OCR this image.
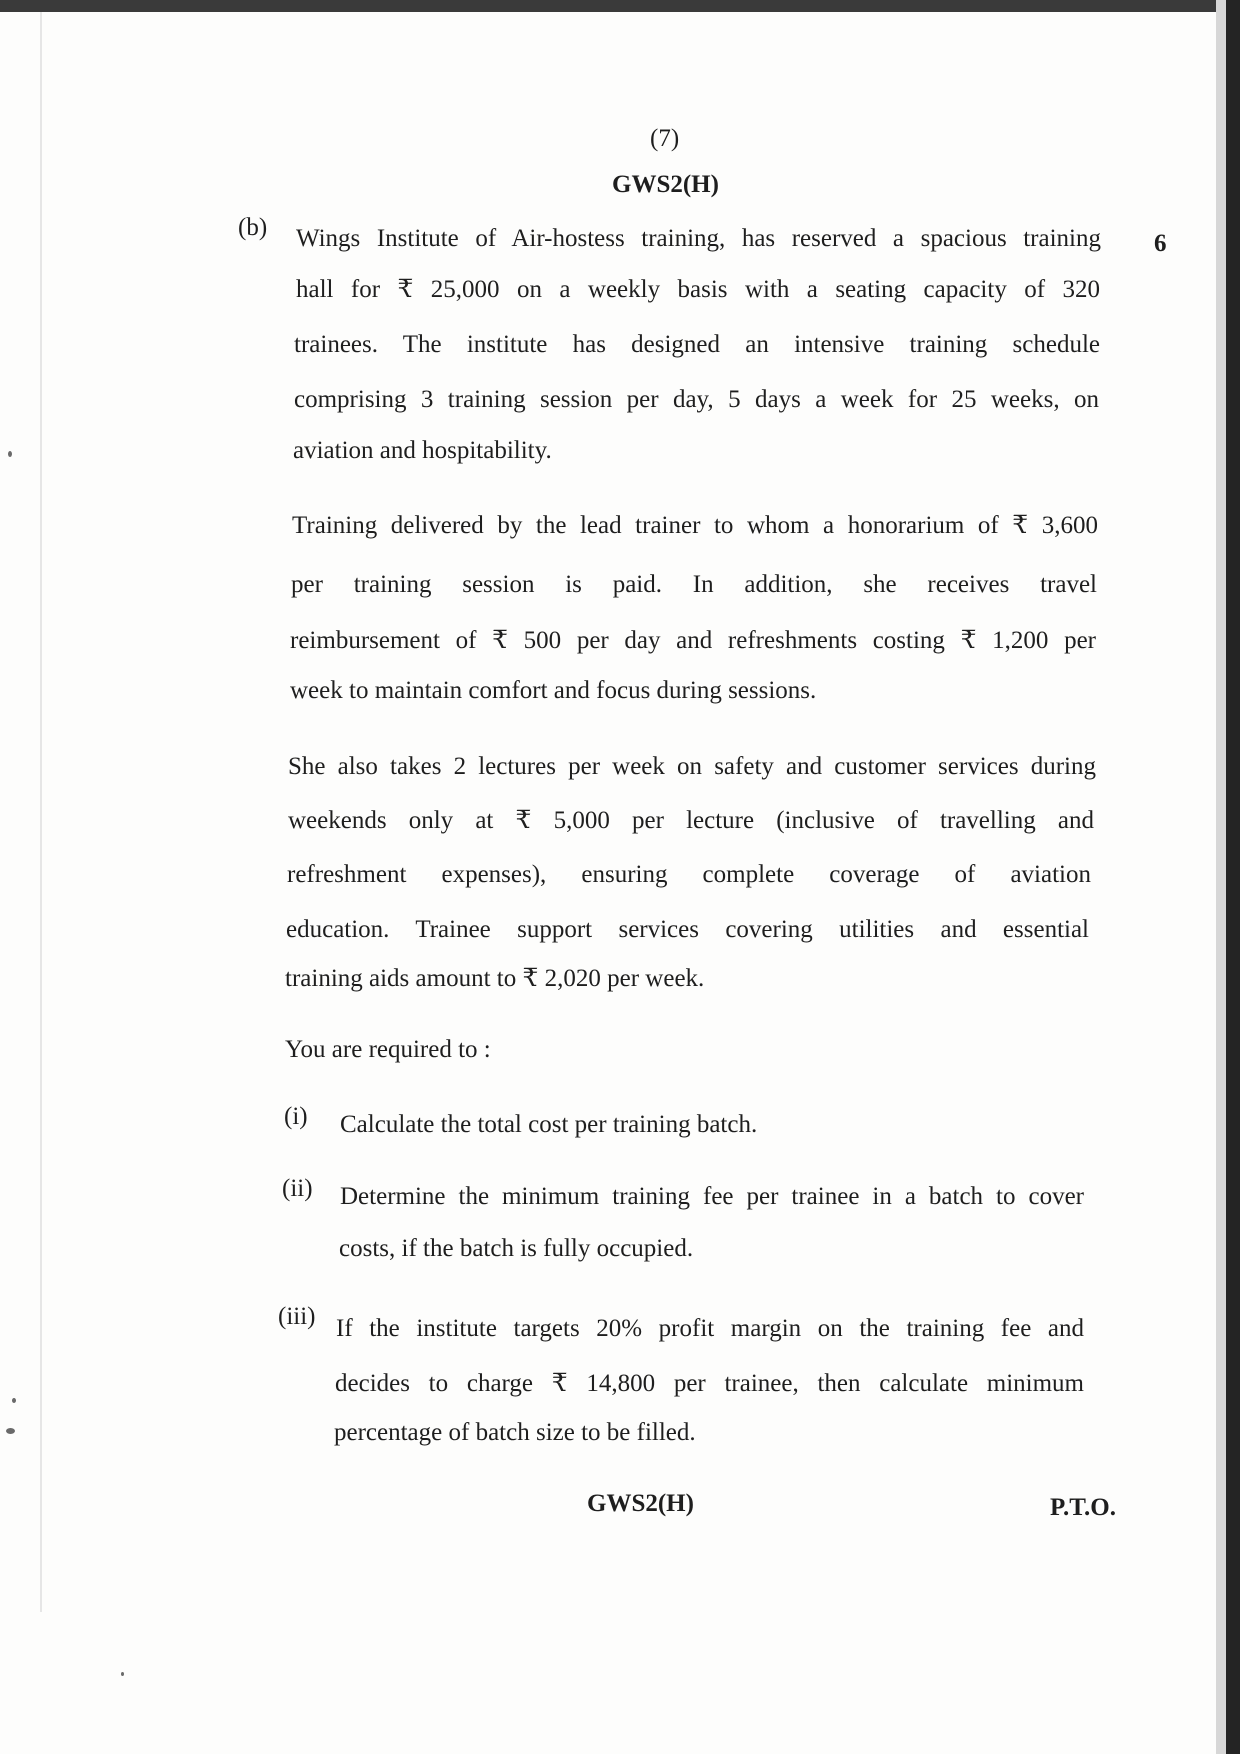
(7)
GWS2(H)
(b)
6
Wings Institute of Air-hostess training, has reserved a spacious training
hall for ₹ 25,000 on a weekly basis with a seating capacity of 320
trainees. The institute has designed an intensive training schedule
comprising 3 training session per day, 5 days a week for 25 weeks, on
aviation and hospitability.
Training delivered by the lead trainer to whom a honorarium of ₹ 3,600
per training session is paid. In addition, she receives travel
reimbursement of ₹ 500 per day and refreshments costing ₹ 1,200 per
week to maintain comfort and focus during sessions.
She also takes 2 lectures per week on safety and customer services during
weekends only at ₹ 5,000 per lecture (inclusive of travelling and
refreshment expenses), ensuring complete coverage of aviation
education. Trainee support services covering utilities and essential
training aids amount to ₹ 2,020 per week.
You are required to :
(i) Calculate the total cost per training batch.
(ii) Determine the minimum training fee per trainee in a batch to cover
costs, if the batch is fully occupied.
(iii) If the institute targets 20% profit margin on the training fee and
decides to charge ₹ 14,800 per trainee, then calculate minimum
percentage of batch size to be filled.
GWS2(H)	P.T.O.
